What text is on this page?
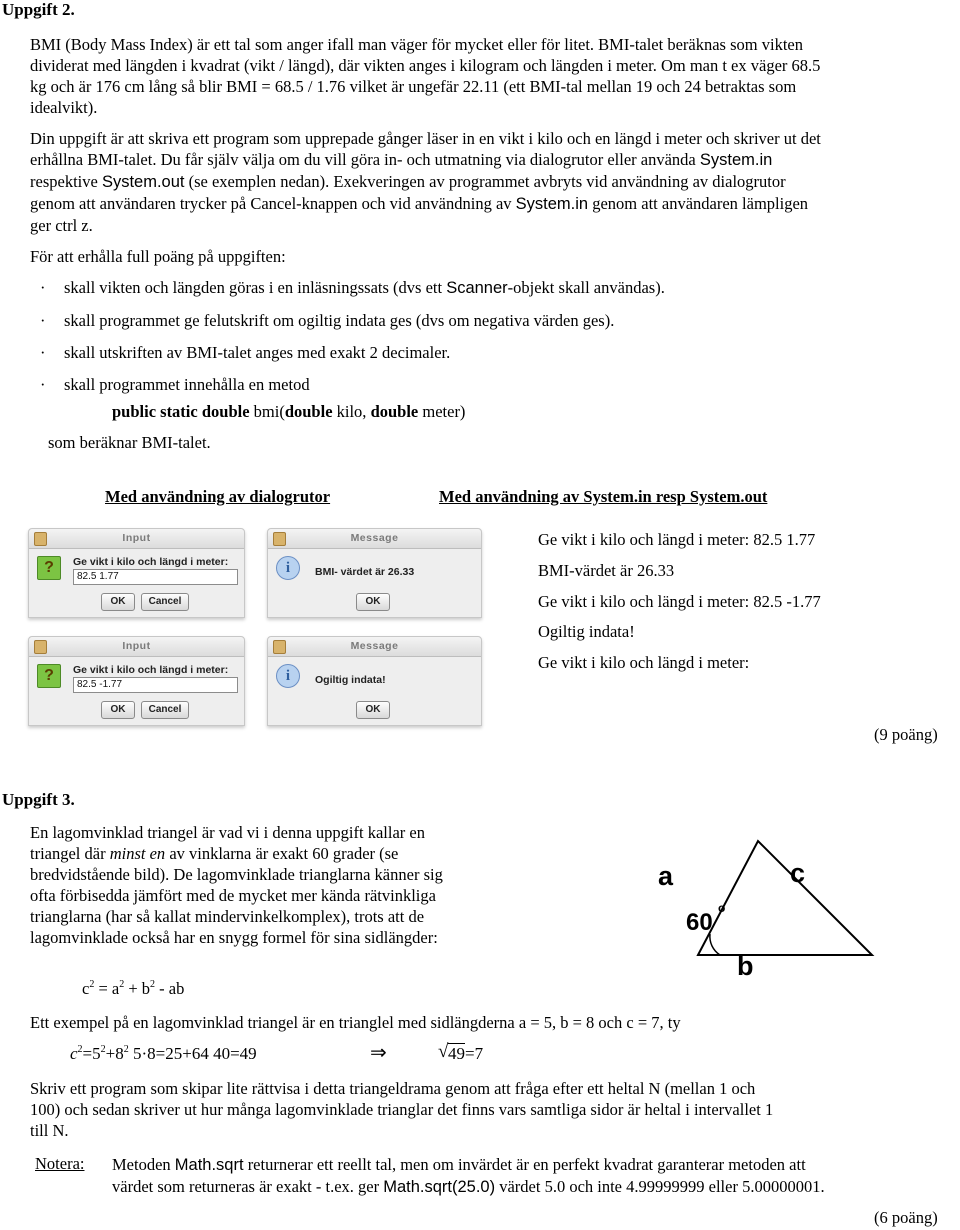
Uppgift 2.
BMI (Body Mass Index) är ett tal som anger ifall man väger för mycket eller för litet. BMI-talet beräknas som vikten
dividerat med längden i kvadrat (vikt / längd), där vikten anges i kilogram och längden i meter. Om man t ex väger 68.5
kg och är 176 cm lång så blir BMI = 68.5 / 1.76 vilket är ungefär 22.11 (ett BMI-tal mellan 19 och 24 betraktas som
idealvikt).
Din uppgift är att skriva ett program som upprepade gånger läser in en vikt i kilo och en längd i meter och skriver ut det
erhållna BMI-talet. Du får själv välja om du vill göra in- och utmatning via dialogrutor eller använda System.in
respektive System.out (se exemplen nedan). Exekveringen av programmet avbryts vid användning av dialogrutor
genom att användaren trycker på Cancel-knappen och vid användning av System.in genom att användaren lämpligen
ger ctrl z.
För att erhålla full poäng på uppgiften:
· skall vikten och längden göras i en inläsningssats (dvs ett Scanner-objekt skall användas).
· skall programmet ge felutskrift om ogiltig indata ges (dvs om negativa värden ges).
· skall utskriften av BMI-talet anges med exakt 2 decimaler.
· skall programmet innehålla en metod
public static double bmi(double kilo, double meter)
som beräknar BMI-talet.
Med användning av dialogrutor	Med användning av System.in resp System.out
Input
?	Ge vikt i kilo och längd i meter:
82.5 1.77
OK	Cancel
Message
i	BMI- värdet är 26.33
OK
Input
?	Ge vikt i kilo och längd i meter:
82.5 -1.77
OK	Cancel
Message
i	Ogiltig indata!
OK
Ge vikt i kilo och längd i meter: 82.5 1.77
BMI-värdet är 26.33
Ge vikt i kilo och längd i meter: 82.5 -1.77
Ogiltig indata!
Ge vikt i kilo och längd i meter:
(9 poäng)
Uppgift 3.
En lagomvinklad triangel är vad vi i denna uppgift kallar en
triangel där minst en av vinklarna är exakt 60 grader (se
bredvidstående bild). De lagomvinklade trianglarna känner sig
ofta förbisedda jämfört med de mycket mer kända rätvinkliga
trianglarna (har så kallat mindervinkelkomplex), trots att de
lagomvinklade också har en snygg formel för sina sidlängder:
a	c
b
60
o
$c^2 = a^2 + b^2$ - ab
Ett exempel på en lagomvinklad triangel är en trianglel med sidlängderna a = 5, b = 8 och c = 7, ty
$c^2=5^2+8^2$ 5·8=25+64 40=49	⇒	√ 49=7
Skriv ett program som skipar lite rättvisa i detta triangeldrama genom att fråga efter ett heltal N (mellan 1 och
100) och sedan skriver ut hur många lagomvinklade trianglar det finns vars samtliga sidor är heltal i intervallet 1
till N.
Notera: Metoden Math.sqrt returnerar ett reellt tal, men om invärdet är en perfekt kvadrat garanterar metoden att
värdet som returneras är exakt - t.ex. ger Math.sqrt(25.0) värdet 5.0 och inte 4.99999999 eller 5.00000001.
(6 poäng)
